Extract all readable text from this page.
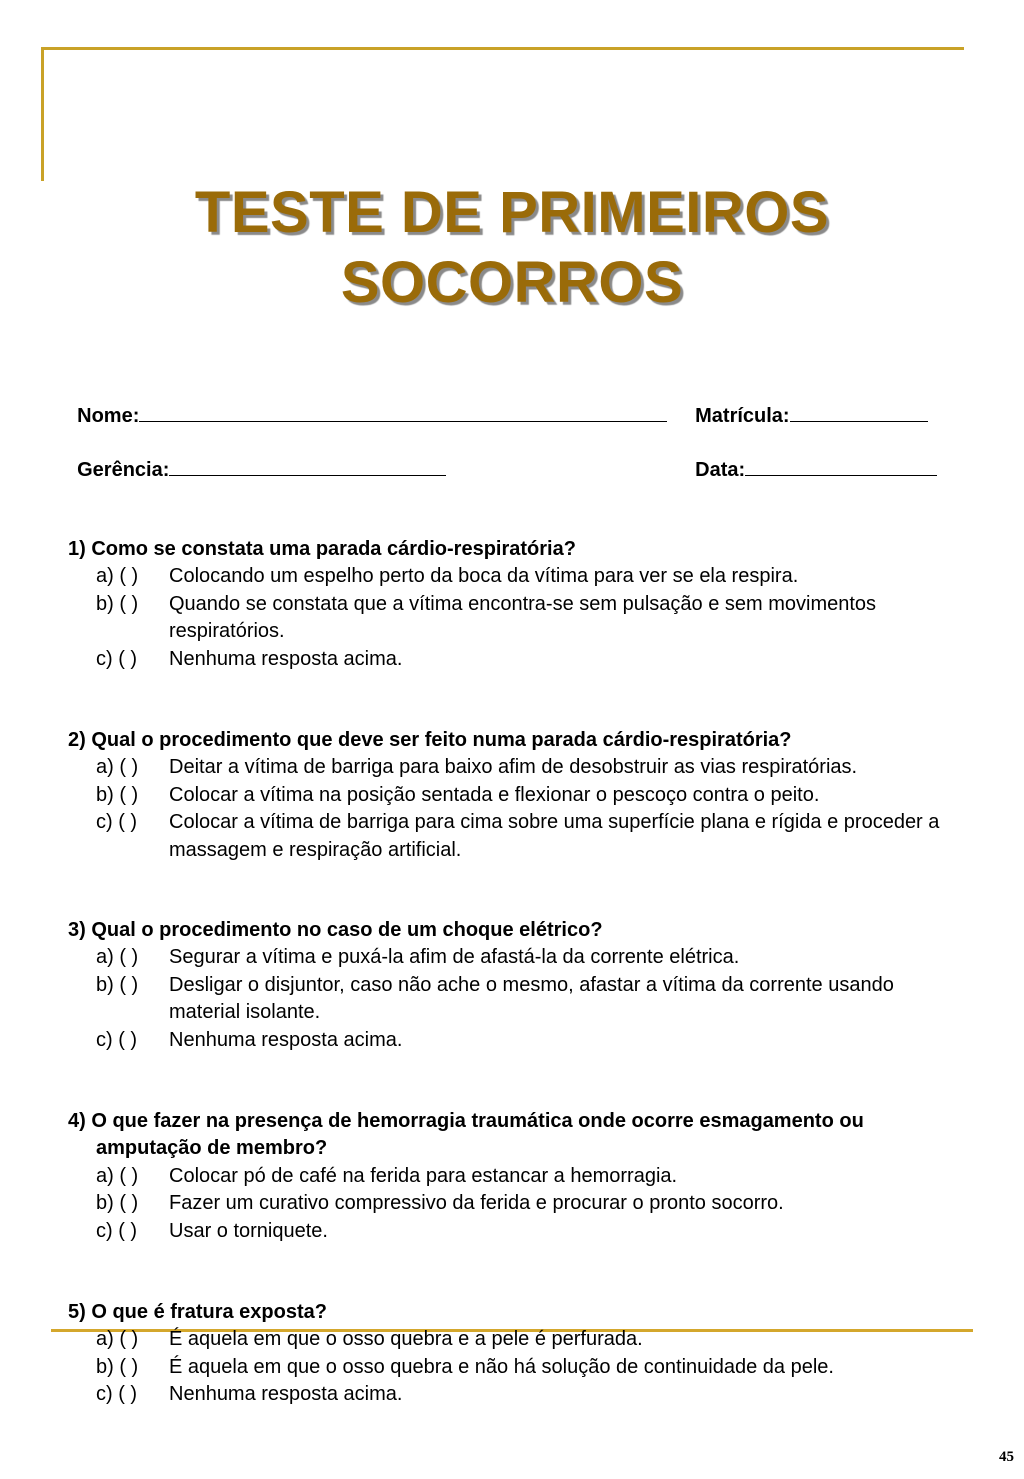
TESTE DE PRIMEIROS
SOCORROS

Nome:	Matrícula:

Gerência:	Data:

1) Como se constata uma parada cárdio-respiratória?

a) ( ) Colocando um espelho perto da boca da vítima para ver se ela respira.

b) ( ) Quando se constata que a vítima encontra-se sem pulsação e sem movimentos respiratórios.

c) ( ) Nenhuma resposta acima.

2) Qual o procedimento que deve ser feito numa parada cárdio-respiratória?

a) ( ) Deitar a vítima de barriga para baixo afim de desobstruir as vias respiratórias.

b) ( ) Colocar a vítima na posição sentada e flexionar o pescoço contra o peito.

c) ( ) Colocar a vítima de barriga para cima sobre uma superfície plana e rígida e proceder a massagem e respiração artificial.

3) Qual o procedimento no caso de um choque elétrico?

a) ( ) Segurar a vítima e puxá-la afim de afastá-la da corrente elétrica.

b) ( ) Desligar o disjuntor, caso não ache o mesmo, afastar a vítima da corrente usando material isolante.

c) ( ) Nenhuma resposta acima.

4) O que fazer na presença de hemorragia traumática onde ocorre esmagamento ou amputação de membro?

a) ( ) Colocar pó de café na ferida para estancar a hemorragia.

b) ( ) Fazer um curativo compressivo da ferida e procurar o pronto socorro.

c) ( ) Usar o torniquete.

5) O que é fratura exposta?

a) ( ) É aquela em que o osso quebra e a pele é perfurada.

b) ( ) É aquela em que o osso quebra e não há solução de continuidade da pele.

c) ( ) Nenhuma resposta acima.

45
